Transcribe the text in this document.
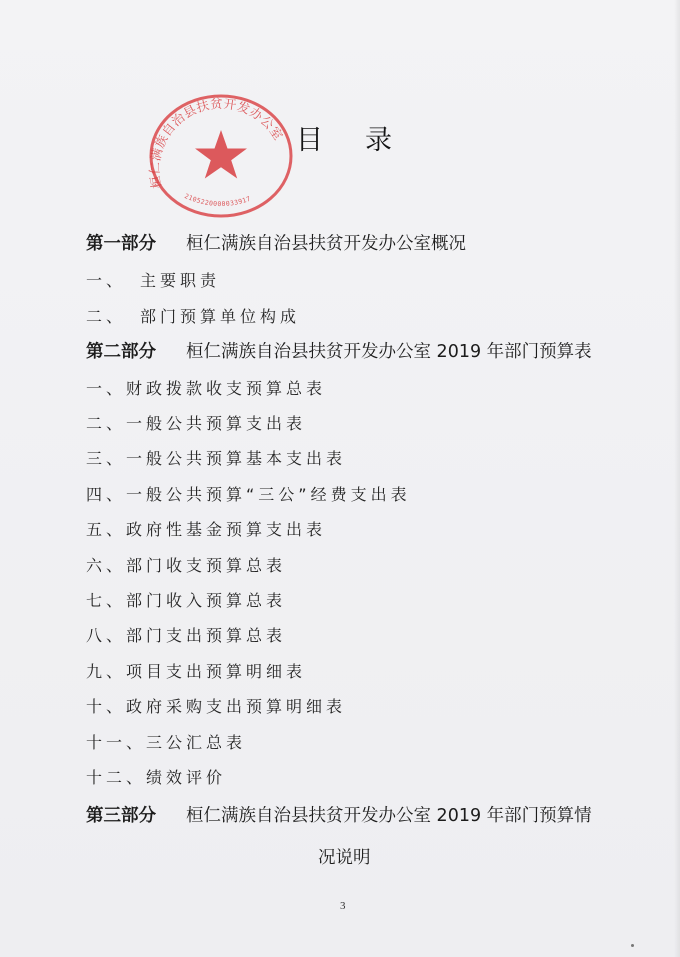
桓仁满族自治县扶贫开发办公室
2105220000033917
目录
第一部分 桓仁满族自治县扶贫开发办公室概况
一、 主要职责
二、 部门预算单位构成
第二部分 桓仁满族自治县扶贫开发办公室 2019 年部门预算表
一、财政拨款收支预算总表
二、一般公共预算支出表
三、一般公共预算基本支出表
四、一般公共预算“三公”经费支出表
五、政府性基金预算支出表
六、部门收支预算总表
七、部门收入预算总表
八、部门支出预算总表
九、项目支出预算明细表
十、政府采购支出预算明细表
十一、三公汇总表
十二、绩效评价
第三部分 桓仁满族自治县扶贫开发办公室 2019 年部门预算情
况说明
3
